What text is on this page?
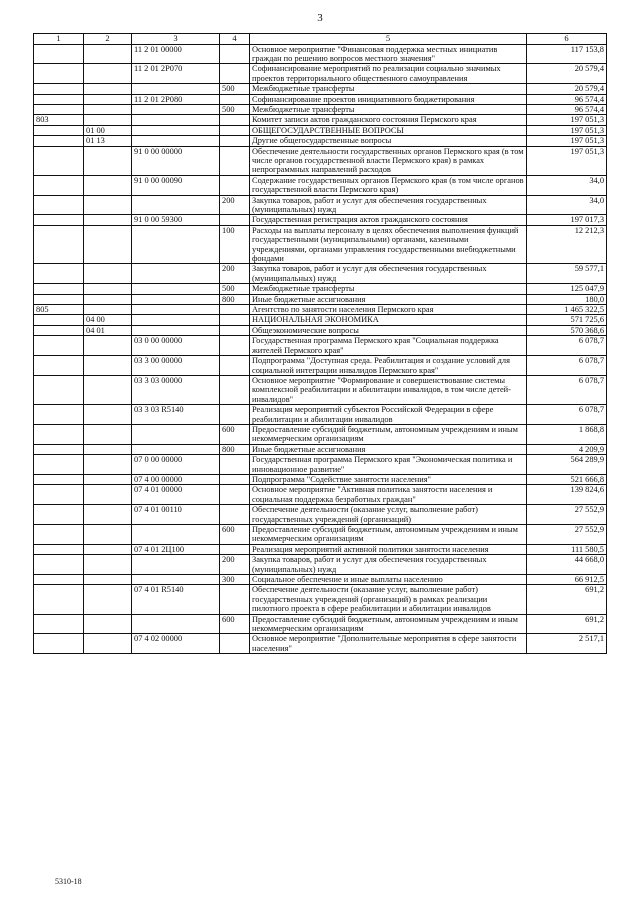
3
1	2	3	4	5	6
		11 2 01 00000		Основное мероприятие "Финансовая поддержка местных инициатив граждан по решению вопросов местного значения"	117 153,8
		11 2 01 2P070		Софинансирование мероприятий по реализации социально значимых проектов территориального общественного самоуправления	20 579,4
			500	Межбюджетные трансферты	20 579,4
		11 2 01 2P080		Софинансирование проектов инициативного бюджетирования	96 574,4
			500	Межбюджетные трансферты	96 574,4
803				Комитет записи актов гражданского состояния Пермского края	197 051,3
	01 00			ОБЩЕГОСУДАРСТВЕННЫЕ ВОПРОСЫ	197 051,3
	01 13			Другие общегосударственные вопросы	197 051,3
		91 0 00 00000		Обеспечение деятельности государственных органов Пермского края (в том числе органов государственной власти Пермского края) в рамках непрограммных направлений расходов	197 051,3
		91 0 00 00090		Содержание государственных органов Пермского края (в том числе органов государственной власти Пермского края)	34,0
			200	Закупка товаров, работ и услуг для обеспечения государственных (муниципальных) нужд	34,0
		91 0 00 59300		Государственная регистрация актов гражданского состояния	197 017,3
			100	Расходы на выплаты персоналу в целях обеспечения выполнения функций государственными (муниципальными) органами, казенными учреждениями, органами управления государственными внебюджетными фондами	12 212,3
			200	Закупка товаров, работ и услуг для обеспечения государственных (муниципальных) нужд	59 577,1
			500	Межбюджетные трансферты	125 047,9
			800	Иные бюджетные ассигнования	180,0
805				Агентство по занятости населения Пермского края	1 465 322,5
	04 00			НАЦИОНАЛЬНАЯ ЭКОНОМИКА	571 725,6
	04 01			Общеэкономические вопросы	570 368,6
		03 0 00 00000		Государственная программа Пермского края "Социальная поддержка жителей Пермского края"	6 078,7
		03 3 00 00000		Подпрограмма "Доступная среда. Реабилитация и создание условий для социальной интеграции инвалидов Пермского края"	6 078,7
		03 3 03 00000		Основное мероприятие "Формирование и совершенствование системы комплексной реабилитации и абилитации инвалидов, в том числе детей-инвалидов"	6 078,7
		03 3 03 R5140		Реализация мероприятий субъектов Российской Федерации в сфере реабилитации и абилитации инвалидов	6 078,7
			600	Предоставление субсидий бюджетным, автономным учреждениям и иным некоммерческим организациям	1 868,8
			800	Иные бюджетные ассигнования	4 209,9
		07 0 00 00000		Государственная программа Пермского края "Экономическая политика и инновационное развитие"	564 289,9
		07 4 00 00000		Подпрограмма "Содействие занятости населения"	521 666,8
		07 4 01 00000		Основное мероприятие "Активная политика занятости населения и социальная поддержка безработных граждан"	139 824,6
		07 4 01 00110		Обеспечение деятельности (оказание услуг, выполнение работ) государственных учреждений (организаций)	27 552,9
			600	Предоставление субсидий бюджетным, автономным учреждениям и иным некоммерческим организациям	27 552,9
		07 4 01 2Ц100		Реализация мероприятий активной политики занятости населения	111 580,5
			200	Закупка товаров, работ и услуг для обеспечения государственных (муниципальных) нужд	44 668,0
			300	Социальное обеспечение и иные выплаты населению	66 912,5
		07 4 01 R5140		Обеспечение деятельности (оказание услуг, выполнение работ) государственных учреждений (организаций) в рамках реализации пилотного проекта в сфере реабилитации и абилитации инвалидов	691,2
			600	Предоставление субсидий бюджетным, автономным учреждениям и иным некоммерческим организациям	691,2
		07 4 02 00000		Основное мероприятие "Дополнительные мероприятия в сфере занятости населения"	2 517,1
5310-18
